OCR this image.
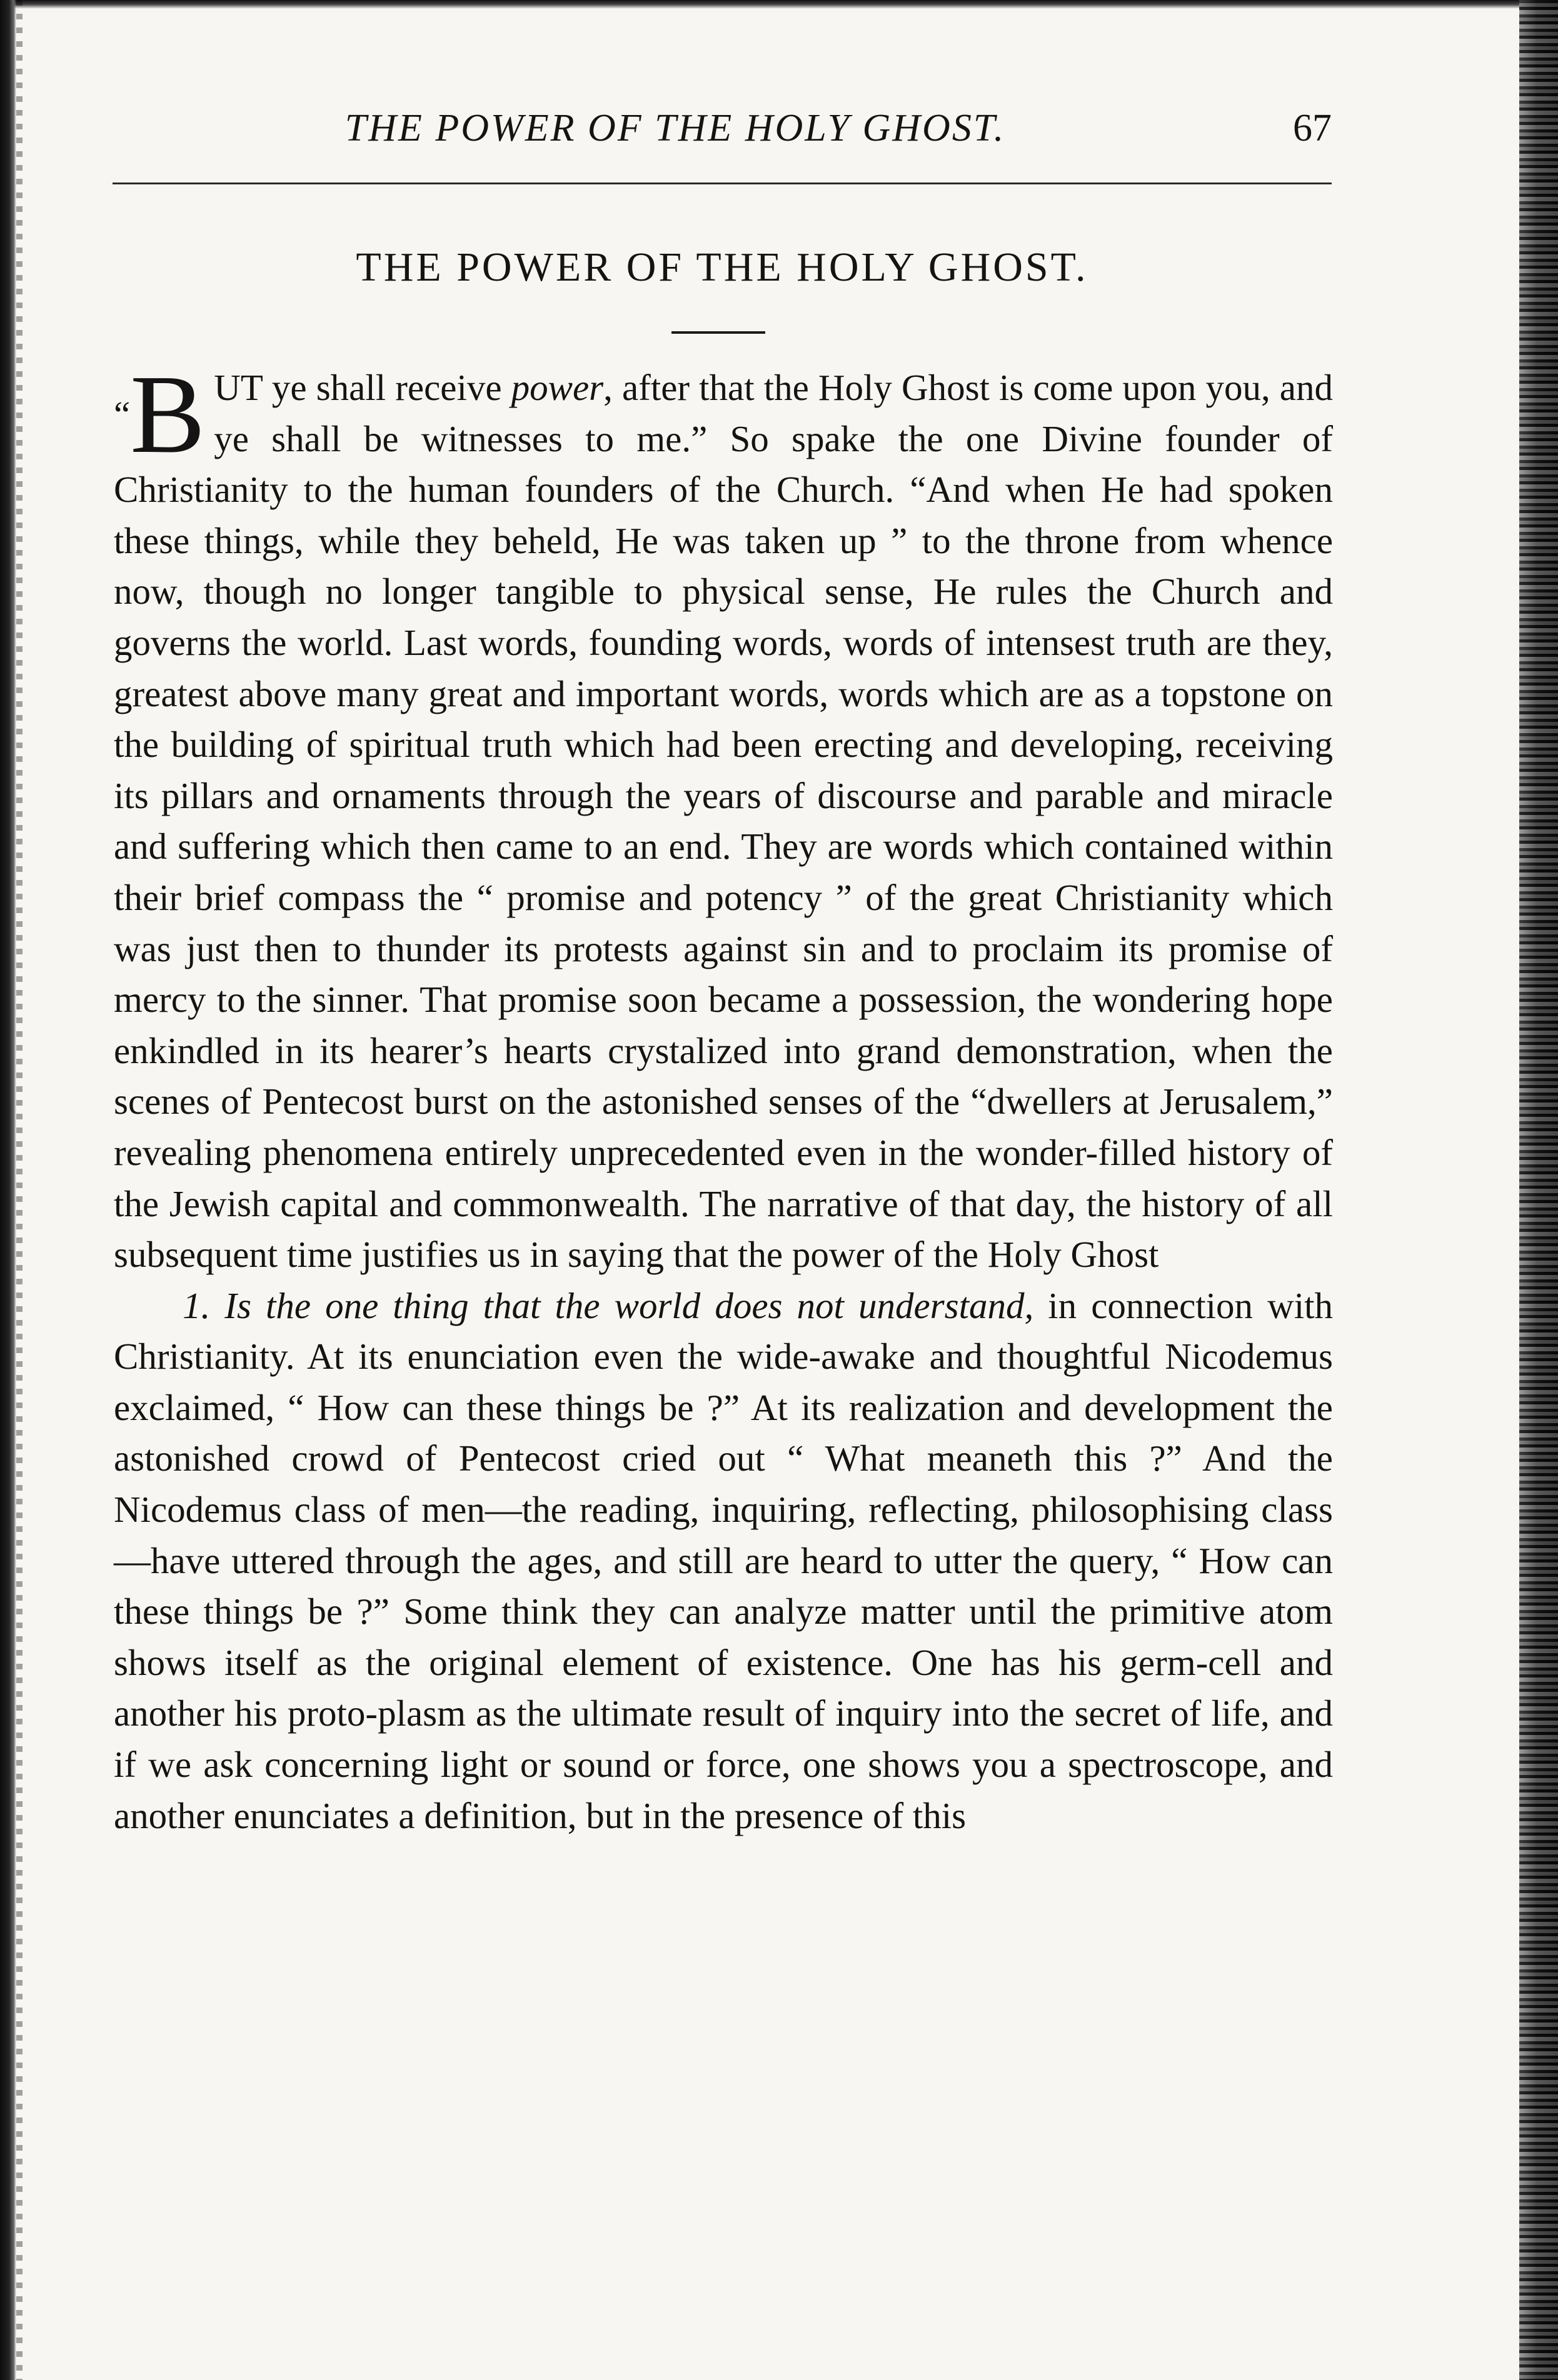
THE POWER OF THE HOLY GHOST.	67
THE POWER OF THE HOLY GHOST.

“B UT ye shall receive power, after that the Holy Ghost is come upon you, and ye shall be witnesses to me.” So spake the one Divine founder of Christianity to the human founders of the Church. “And when He had spoken these things, while they beheld, He was taken up ” to the throne from whence now, though no longer tangible to physical sense, He rules the Church and governs the world. Last words, founding words, words of intensest truth are they, greatest above many great and important words, words which are as a topstone on the building of spiritual truth which had been erecting and developing, receiving its pillars and ornaments through the years of discourse and parable and miracle and suffering which then came to an end. They are words which contained within their brief compass the “ promise and potency ” of the great Christianity which was just then to thunder its protests against sin and to proclaim its promise of mercy to the sinner. That promise soon became a possession, the wondering hope enkindled in its hearer’s hearts crystalized into grand demonstration, when the scenes of Pentecost burst on the astonished senses of the “dwellers at Jerusalem,” revealing phenomena entirely unprecedented even in the wonder-filled history of the Jewish capital and commonwealth. The narrative of that day, the history of all subsequent time justifies us in saying that the power of the Holy Ghost

1. Is the one thing that the world does not understand, in connection with Christianity. At its enunciation even the wide-awake and thoughtful Nicodemus exclaimed, “ How can these things be ?” At its realization and development the astonished crowd of Pentecost cried out “ What meaneth this ?” And the Nicodemus class of men—the reading, inquiring, reflecting, philosophising class—have uttered through the ages, and still are heard to utter the query, “ How can these things be ?” Some think they can analyze matter until the primitive atom shows itself as the original element of existence. One has his germ-cell and another his proto-plasm as the ultimate result of inquiry into the secret of life, and if we ask concerning light or sound or force, one shows you a spectroscope, and another enunciates a definition, but in the presence of this
